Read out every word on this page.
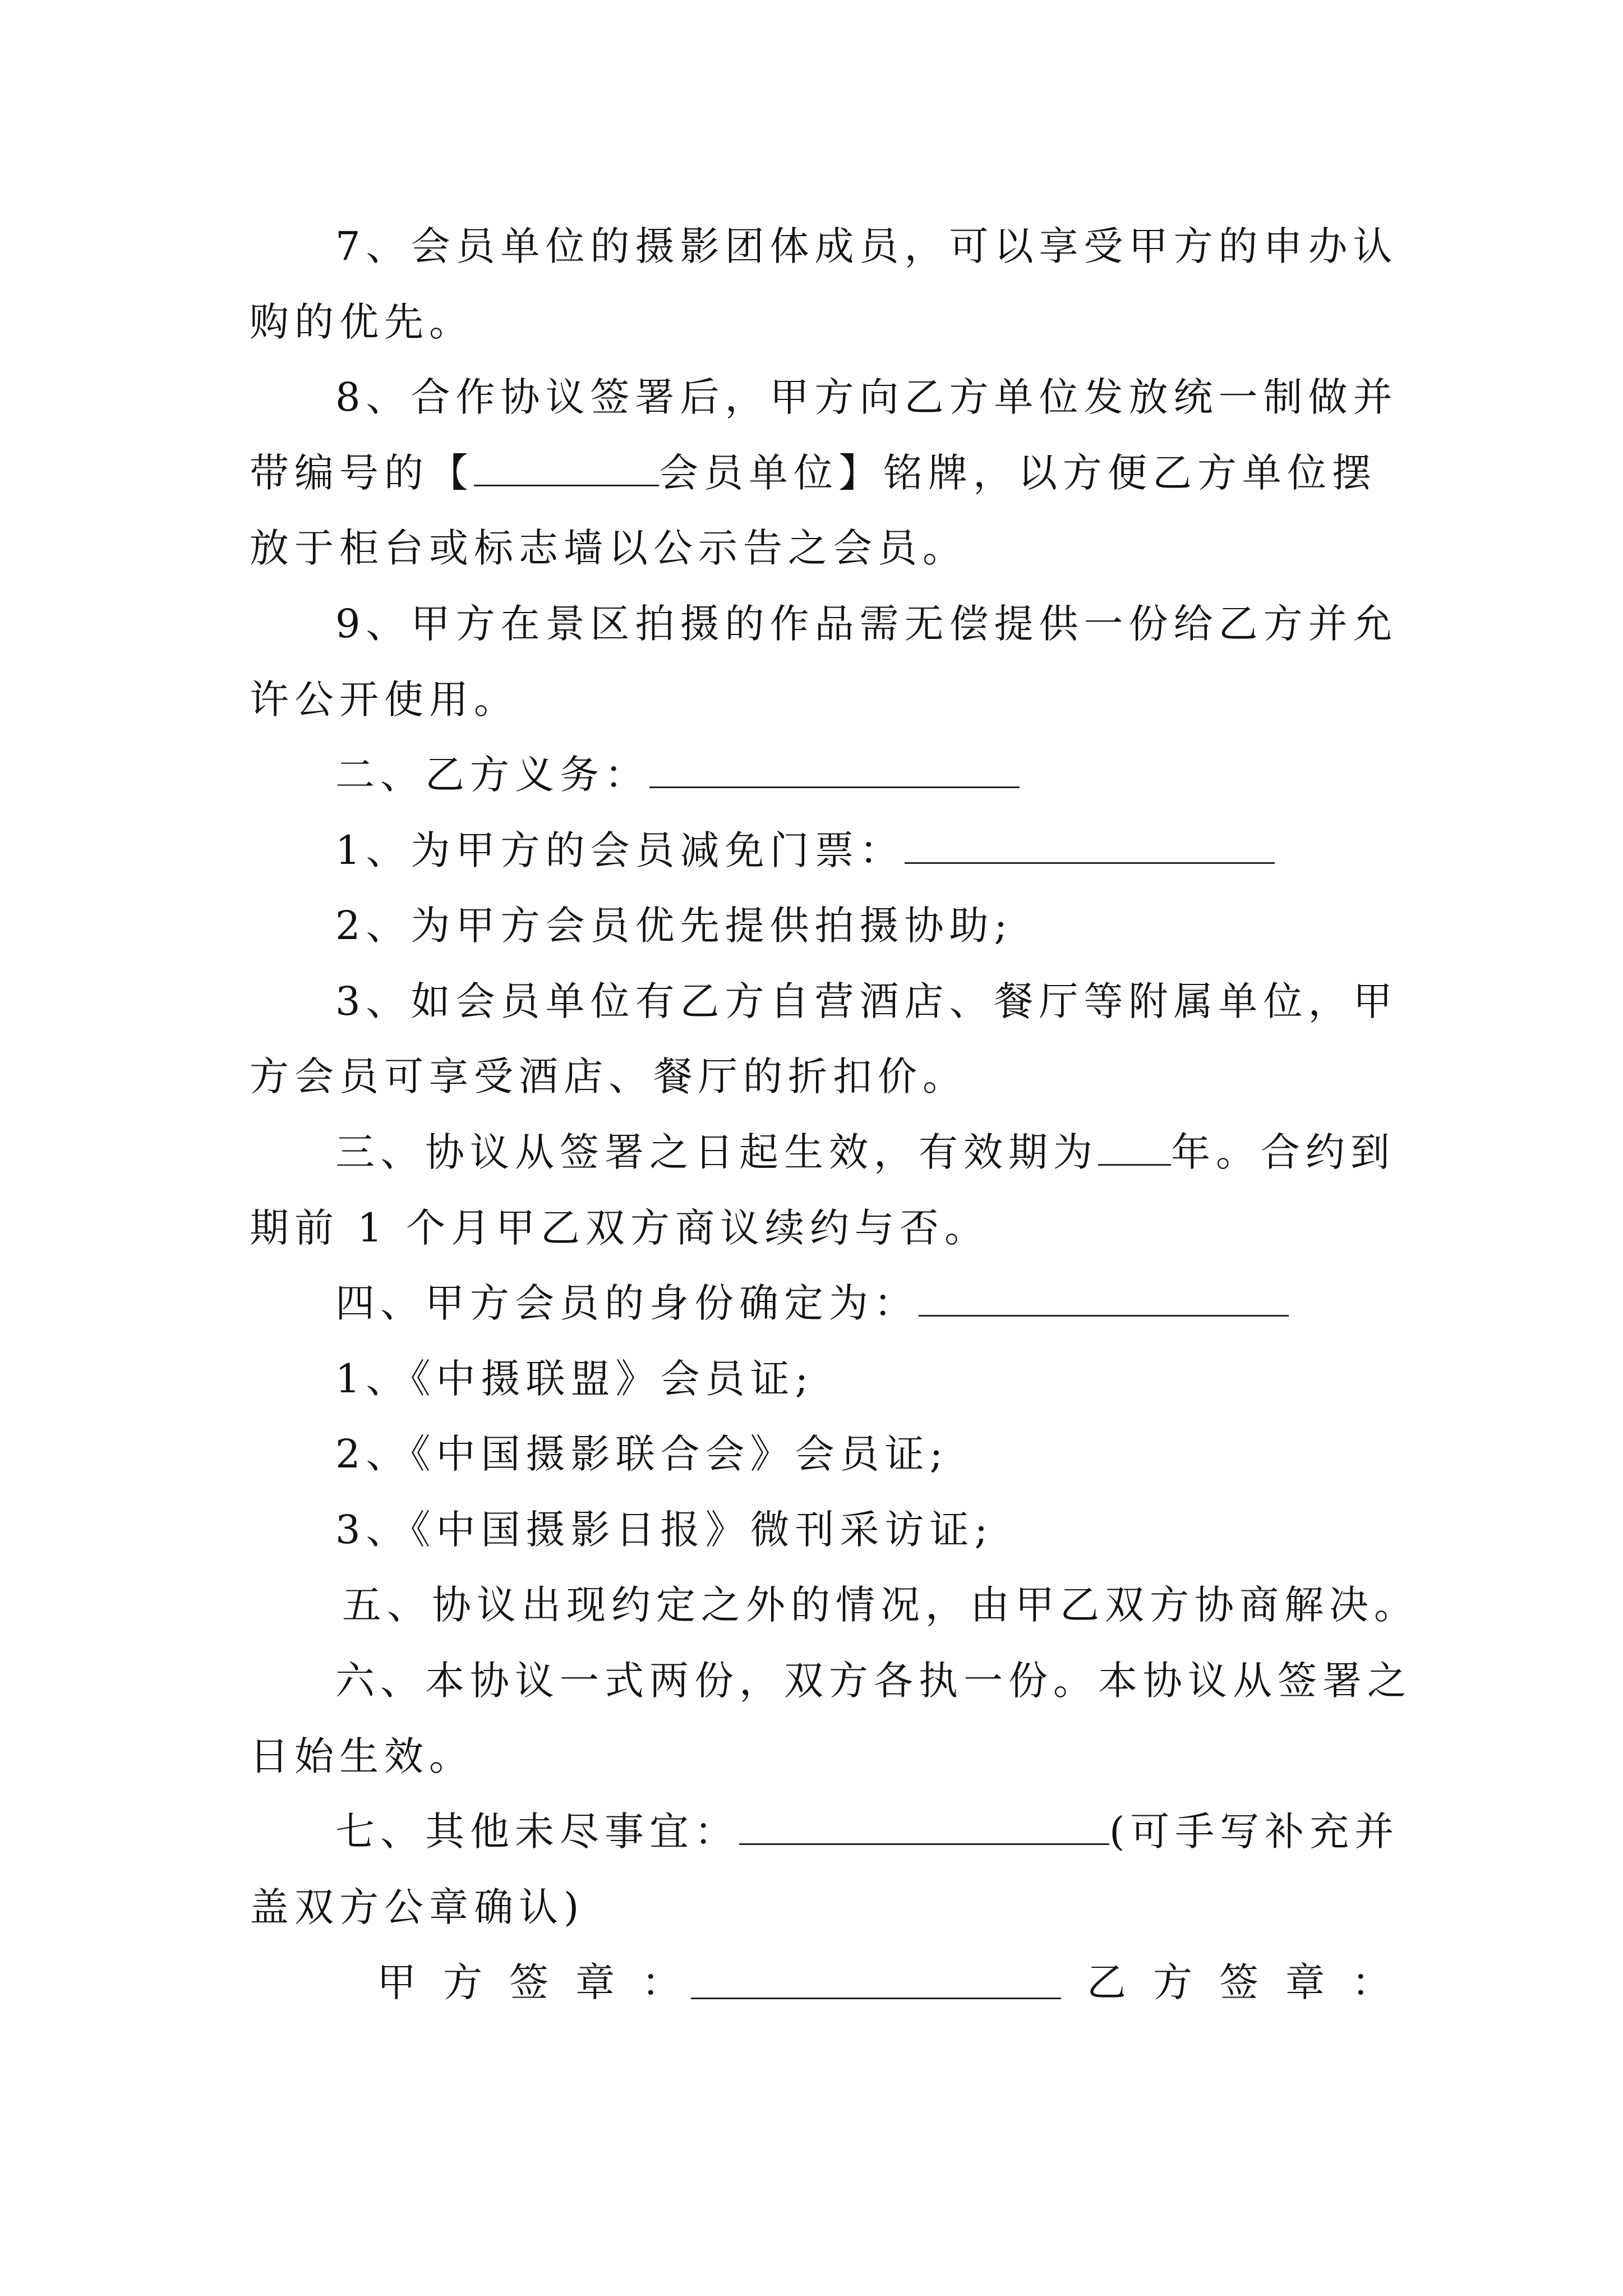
7、会员单位的摄影团体成员，可以享受甲方的申办认
购的优先。
8、合作协议签署后，甲方向乙方单位发放统一制做并
带编号的【	会员单位】铭牌，以方便乙方单位摆
放于柜台或标志墙以公示告之会员。
9、甲方在景区拍摄的作品需无偿提供一份给乙方并允
许公开使用。
二、乙方义务：
1、为甲方的会员减免门票：
2、为甲方会员优先提供拍摄协助;
3、如会员单位有乙方自营酒店、餐厅等附属单位，甲
方会员可享受酒店、餐厅的折扣价。
三、协议从签署之日起生效，有效期为 年。合约到
期前 1 个月甲乙双方商议续约与否。
四、甲方会员的身份确定为：
1、《中摄联盟》会员证;
2、《中国摄影联合会》会员证;
3、《中国摄影日报》微刊采访证;
五、协议出现约定之外的情况，由甲乙双方协商解决。
六、本协议一式两份，双方各执一份。本协议从签署之
日始生效。
七、其他未尽事宜：	(可手写补充并
盖双方公章确认)
甲方签章：	乙方签章：
